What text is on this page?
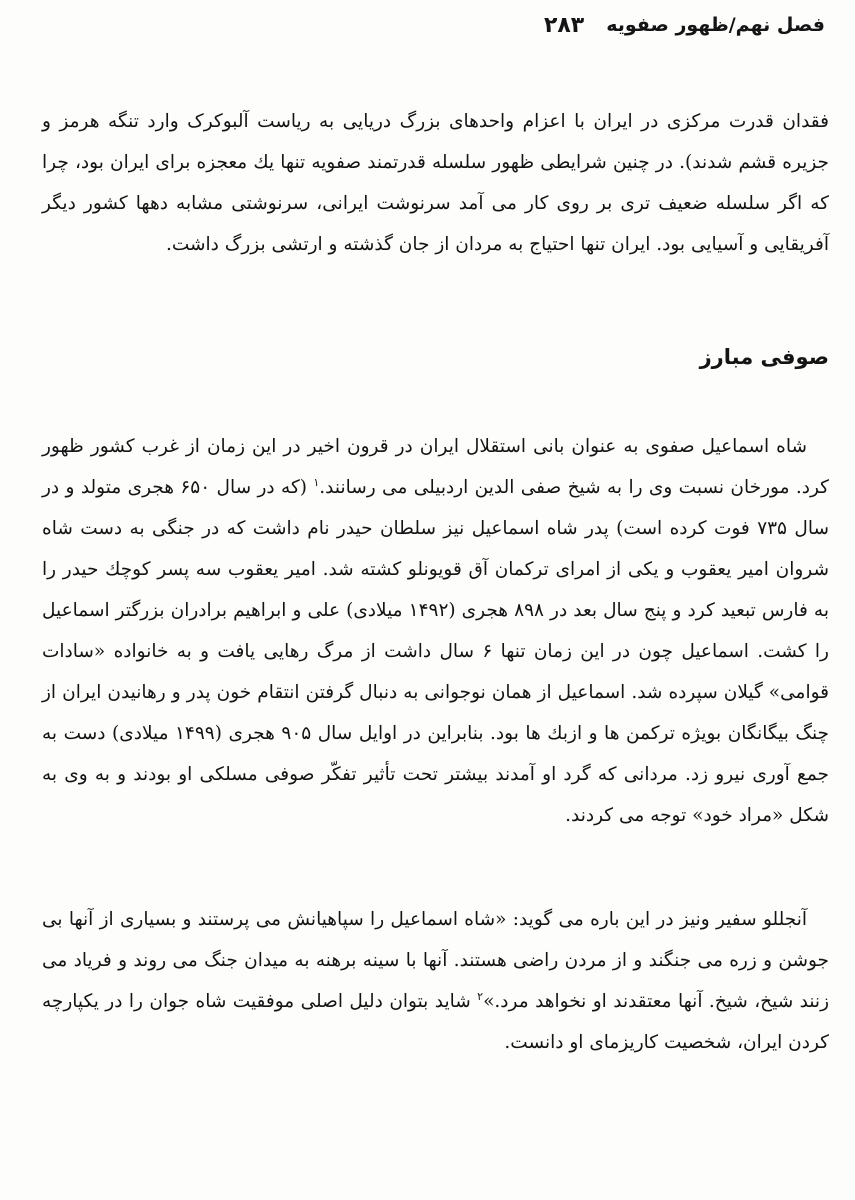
فصل نهم/ظهور صفویه
۲۸۳

فقدان قدرت مرکزی در ایران با اعزام واحدهای بزرگ دریایی به ریاست آلبوکرک وارد تنگه هرمز و جزیره قشم شدند). در چنین شرایطی ظهور سلسله قدرتمند صفویه تنها یك معجزه برای ایران بود، چرا که اگر سلسله ضعیف تری بر روی کار می آمد سرنوشت ایرانی، سرنوشتی مشابه دهها کشور دیگر آفریقایی و آسیایی بود. ایران تنها احتیاج به مردان از جان گذشته و ارتشی بزرگ داشت.

صوفی مبارز

شاه اسماعیل صفوی به عنوان بانی استقلال ایران در قرون اخیر در این زمان از غرب کشور ظهور کرد. مورخان نسبت وی را به شیخ صفی الدین اردبیلی می رسانند.$^۱$ (که در سال ۶۵۰ هجری متولد و در سال ۷۳۵ فوت کرده است) پدر شاه اسماعیل نیز سلطان حیدر نام داشت که در جنگی به دست شاه شروان امیر یعقوب و یکی از امرای ترکمان آق قویونلو کشته شد. امیر یعقوب سه پسر کوچك حیدر را به فارس تبعید کرد و پنج سال بعد در ۸۹۸ هجری (۱۴۹۲ میلادی) علی و ابراهیم برادران بزرگتر اسماعیل را کشت. اسماعیل چون در این زمان تنها ۶ سال داشت از مرگ رهایی یافت و به خانواده «سادات قوامی» گیلان سپرده شد. اسماعیل از همان نوجوانی به دنبال گرفتن انتقام خون پدر و رهانیدن ایران از چنگ بیگانگان بویژه ترکمن ها و ازبك ها بود. بنابراین در اوایل سال ۹۰۵ هجری (۱۴۹۹ میلادی) دست به جمع آوری نیرو زد. مردانی که گرد او آمدند بیشتر تحت تأثیر تفکّر صوفی مسلکی او بودند و به وی به شکل «مراد خود» توجه می کردند.

آنجللو سفیر ونیز در این باره می گوید: «شاه اسماعیل را سپاهیانش می پرستند و بسیاری از آنها بی جوشن و زره می جنگند و از مردن راضی هستند. آنها با سینه برهنه به میدان جنگ می روند و فریاد می زنند شیخ، شیخ. آنها معتقدند او نخواهد مرد.»$^۲$ شاید بتوان دلیل اصلی موفقیت شاه جوان را در یکپارچه کردن ایران، شخصیت کاریزمای او دانست.
